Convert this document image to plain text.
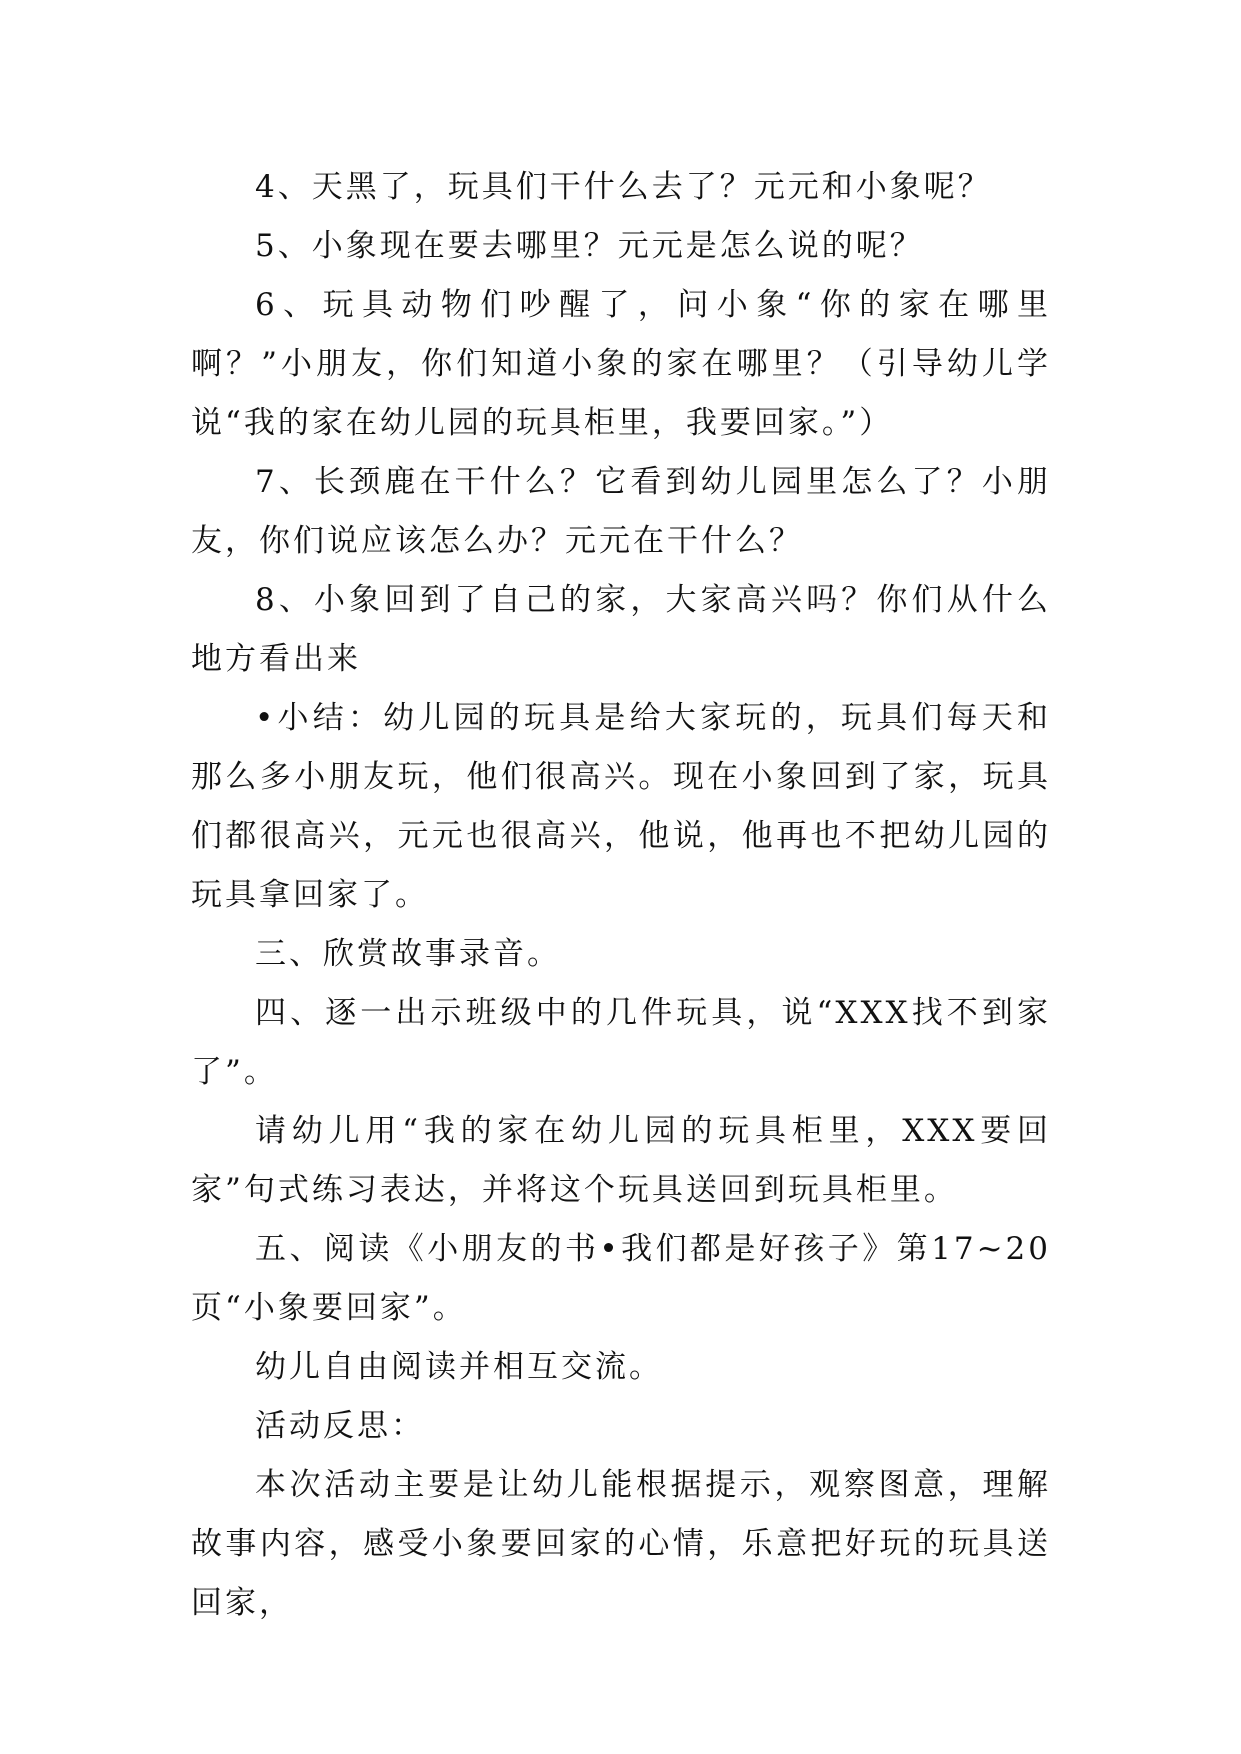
4、天黑了，玩具们干什么去了？元元和小象呢？

5、小象现在要去哪里？元元是怎么说的呢？

6、玩具动物们吵醒了，问小象“你的家在哪里啊？”小朋友，你们知道小象的家在哪里？（引导幼儿学说“我的家在幼儿园的玩具柜里，我要回家。”）

7、长颈鹿在干什么？它看到幼儿园里怎么了？小朋友，你们说应该怎么办？元元在干什么？

8、小象回到了自己的家，大家高兴吗？你们从什么地方看出来

•小结：幼儿园的玩具是给大家玩的，玩具们每天和那么多小朋友玩，他们很高兴。现在小象回到了家，玩具们都很高兴，元元也很高兴，他说，他再也不把幼儿园的玩具拿回家了。

三、欣赏故事录音。

四、逐一出示班级中的几件玩具，说“XXX找不到家了”。

请幼儿用“我的家在幼儿园的玩具柜里，XXX要回家”句式练习表达，并将这个玩具送回到玩具柜里。

五、阅读《小朋友的书•我们都是好孩子》第17~20页“小象要回家”。

幼儿自由阅读并相互交流。

活动反思：

本次活动主要是让幼儿能根据提示，观察图意，理解故事内容，感受小象要回家的心情，乐意把好玩的玩具送回家，
